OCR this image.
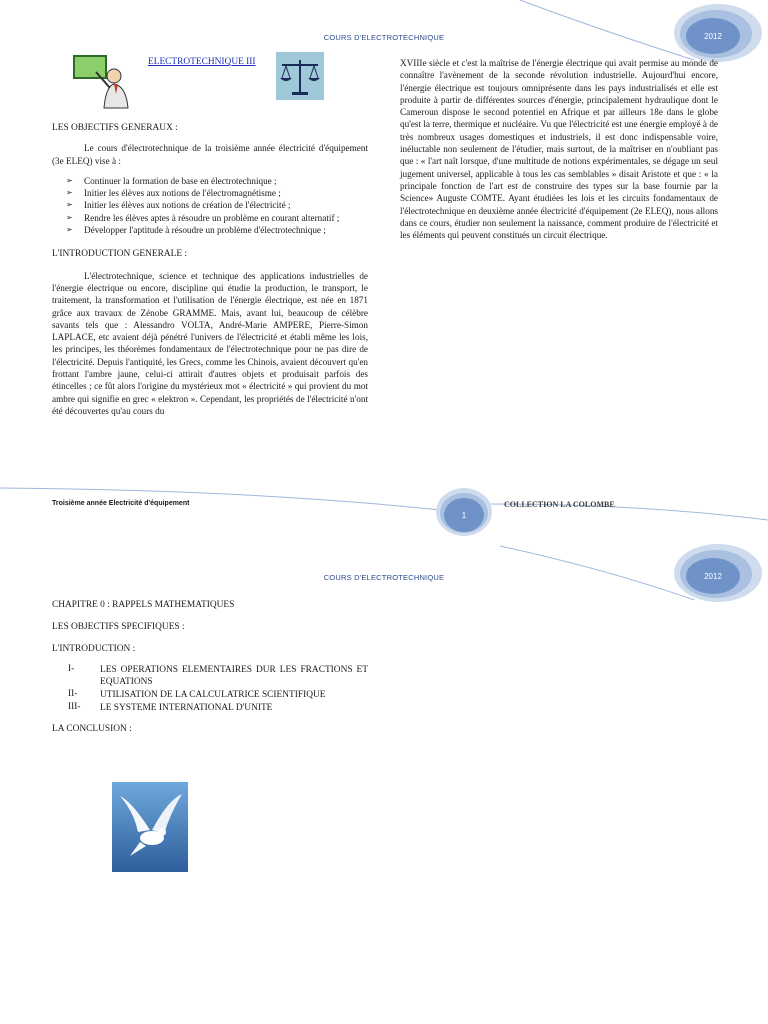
2012
COURS D'ELECTROTECHNIQUE
ELECTROTECHNIQUE III

LES OBJECTIFS GENERAUX :

Le cours d'électrotechnique de la troisième année électricité d'équipement (3e ELEQ) vise à :

➢ Continuer la formation de base en électrotechnique ;
➢ Initier les élèves aux notions de l'électromagnétisme ;
➢ Initier les élèves aux notions de création de l'électricité ;
➢ Rendre les élèves aptes à résoudre un problème en courant alternatif ;
➢ Développer l'aptitude à résoudre un problème d'électrotechnique ;

L'INTRODUCTION GENERALE :

L'électrotechnique, science et technique des applications industrielles de l'énergie électrique ou encore, discipline qui étudie la production, le transport, le traitement, la transformation et l'utilisation de l'énergie électrique, est née en 1871 grâce aux travaux de Zénobe GRAMME. Mais, avant lui, beaucoup de célèbre savants tels que : Alessandro VOLTA, André-Marie AMPERE, Pierre-Simon LAPLACE, etc avaient déjà pénétré l'univers de l'électricité et établi même les lois, les principes, les théorèmes fondamentaux de l'électrotechnique pour ne pas dire de l'électricité. Depuis l'antiquité, les Grecs, comme les Chinois, avaient découvert qu'en frottant l'ambre jaune, celui-ci attirait d'autres objets et produisait parfois des étincelles ; ce fût alors l'origine du mystérieux mot « électricité » qui provient du mot ambre qui signifie en grec « elektron ». Cependant, les propriétés de l'électricité n'ont été découvertes qu'au cours du

XVIIIe siècle et c'est la maîtrise de l'énergie électrique qui avait permise au monde de connaître l'avènement de la seconde révolution industrielle. Aujourd'hui encore, l'énergie électrique est toujours omniprésente dans les pays industrialisés et elle est produite à partir de différentes sources d'énergie, principalement hydraulique dont le Cameroun dispose le second potentiel en Afrique et par ailleurs 18e dans le globe qu'est la terre, thermique et nucléaire. Vu que l'électricité est une énergie employé à de très nombreux usages domestiques et industriels, il est donc indispensable voire, inéluctable non seulement de l'étudier, mais surtout, de la maîtriser en n'oubliant pas que : « l'art naît lorsque, d'une multitude de notions expérimentales, se dégage un seul jugement universel, applicable à tous les cas semblables » disait Aristote et que : « la principale fonction de l'art est de construire des types sur la base fournie par la Science» Auguste COMTE. Ayant étudiées les lois et les circuits fondamentaux de l'électrotechnique en deuxième année électricité d'équipement (2e ELEQ), nous allons dans ce cours, étudier non seulement la naissance, comment produire de l'électricité et les éléments qui peuvent constitués un circuit électrique.

Troisième année Electricité d'équipement
1
COLLECTION LA COLOMBE
2012
COURS D'ELECTROTECHNIQUE
CHAPITRE 0 : RAPPELS MATHEMATIQUES
LES OBJECTIFS SPECIFIQUES :
L'INTRODUCTION :
I-	LES OPERATIONS ELEMENTAIRES DUR LES FRACTIONS ET EQUATIONS
II- UTILISATION DE LA CALCULATRICE SCIENTIFIQUE
III- LE SYSTEME INTERNATIONAL D'UNITE
LA CONCLUSION :
